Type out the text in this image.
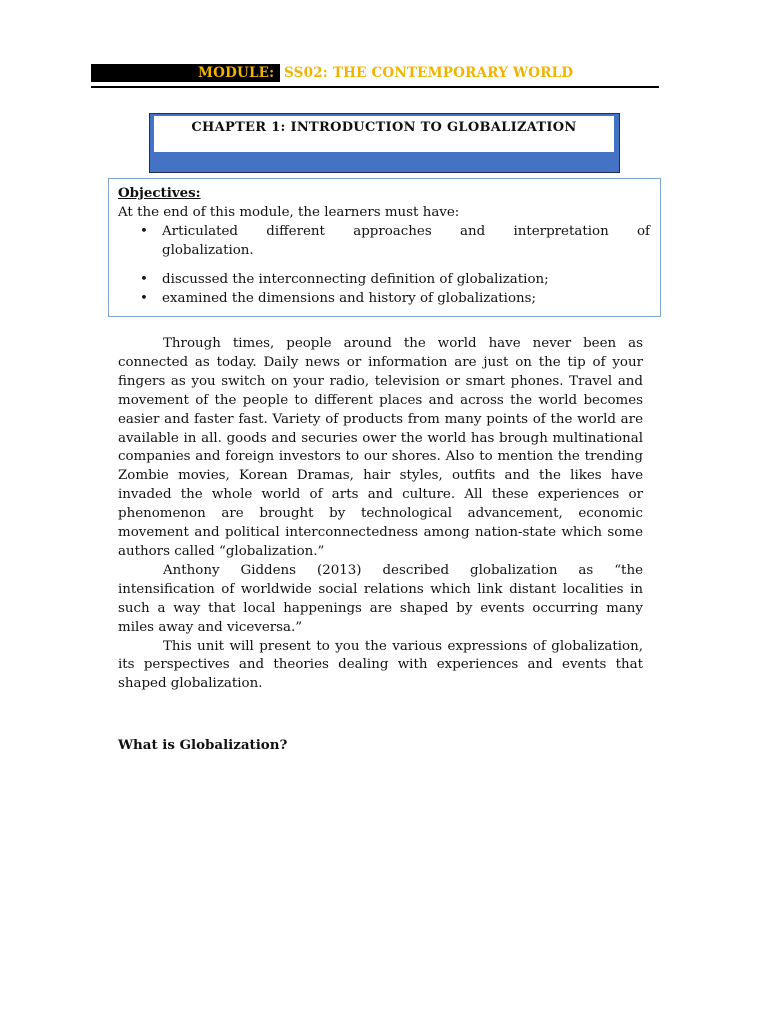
MODULE: SS02: THE CONTEMPORARY WORLD
CHAPTER 1: INTRODUCTION TO GLOBALIZATION
Objectives:

At the end of this module, the learners must have:

• Articulated different approaches and interpretation of
globalization.
• discussed the interconnecting definition of globalization;
• examined the dimensions and history of globalizations;

Through times, people around the world have never been as connected as today. Daily news or information are just on the tip of your fingers as you switch on your radio, television or smart phones. Travel and movement of the people to different places and across the world becomes easier and faster fast. Variety of products from many points of the world are available in all. goods and securies ower the world has brough multinational companies and foreign investors to our shores. Also to mention the trending Zombie movies, Korean Dramas, hair styles, outfits and the likes have invaded the whole world of arts and culture. All these experiences or phenomenon are brought by technological advancement, economic movement and political interconnectedness among nation-state which some authors called “globalization.”

Anthony Giddens (2013) described globalization as “the intensification of worldwide social relations which link distant localities in such a way that local happenings are shaped by events occurring many miles away and viceversa.”

This unit will present to you the various expressions of globalization, its perspectives and theories dealing with experiences and events that shaped globalization.

What is Globalization?
